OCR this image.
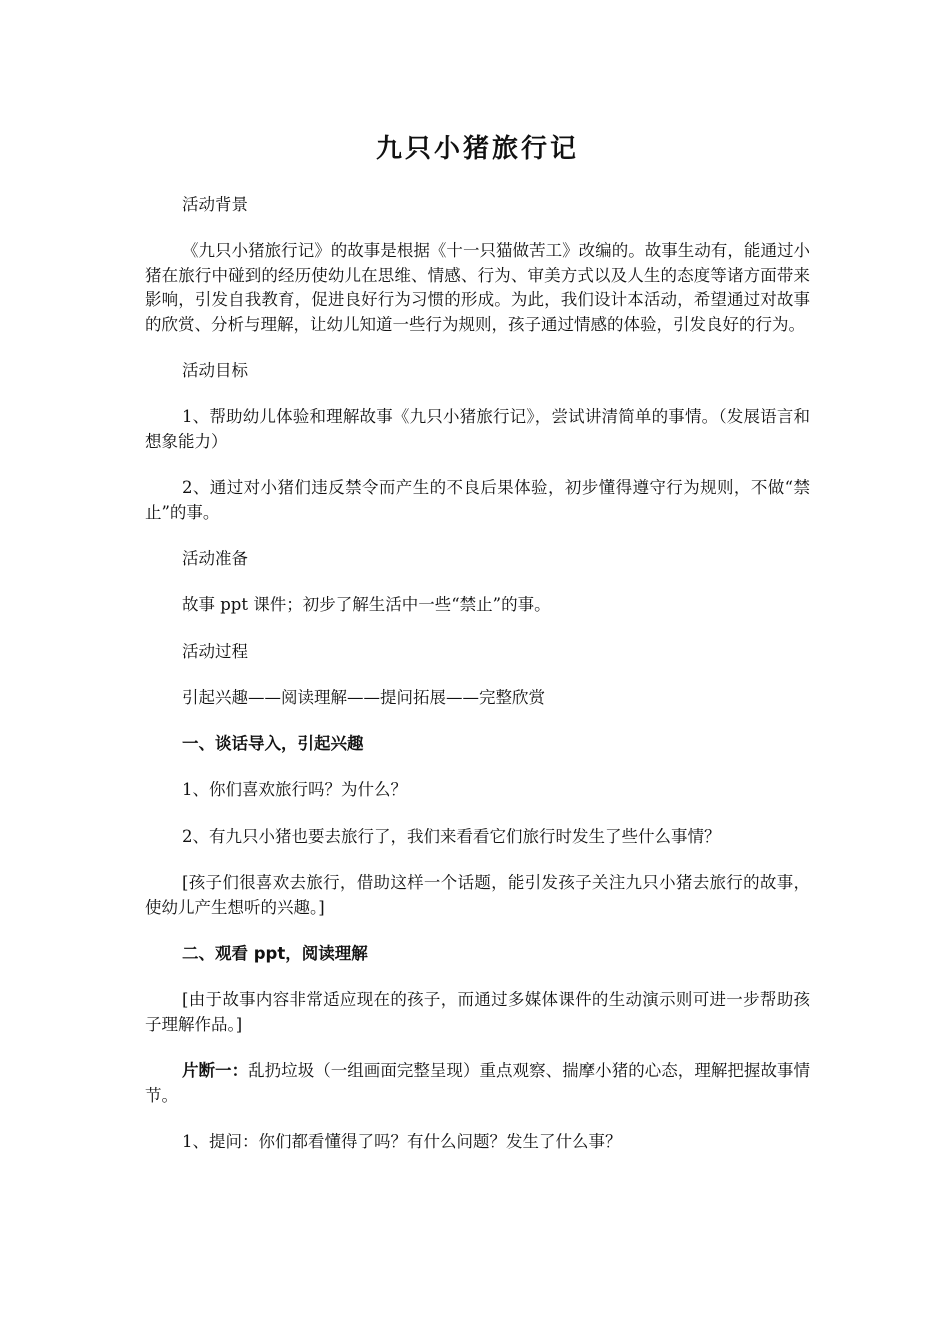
九只小猪旅行记

活动背景

《九只小猪旅行记》的故事是根据《十一只猫做苦工》改编的。故事生动有，能通过小猪在旅行中碰到的经历使幼儿在思维、情感、行为、审美方式以及人生的态度等诸方面带来影响，引发自我教育，促进良好行为习惯的形成。为此，我们设计本活动，希望通过对故事的欣赏、分析与理解，让幼儿知道一些行为规则，孩子通过情感的体验，引发良好的行为。

活动目标

1、帮助幼儿体验和理解故事《九只小猪旅行记》，尝试讲清简单的事情。（发展语言和想象能力）

2、通过对小猪们违反禁令而产生的不良后果体验，初步懂得遵守行为规则，不做“禁止”的事。

活动准备

故事 ppt 课件；初步了解生活中一些“禁止”的事。

活动过程

引起兴趣——阅读理解——提问拓展——完整欣赏

一、谈话导入，引起兴趣

1、你们喜欢旅行吗？为什么？

2、有九只小猪也要去旅行了，我们来看看它们旅行时发生了些什么事情？

[孩子们很喜欢去旅行，借助这样一个话题，能引发孩子关注九只小猪去旅行的故事，使幼儿产生想听的兴趣。]

二、观看 ppt，阅读理解

[由于故事内容非常适应现在的孩子，而通过多媒体课件的生动演示则可进一步帮助孩子理解作品。]

片断一：乱扔垃圾（一组画面完整呈现）重点观察、揣摩小猪的心态，理解把握故事情节。

1、提问：你们都看懂得了吗？有什么问题？发生了什么事？
